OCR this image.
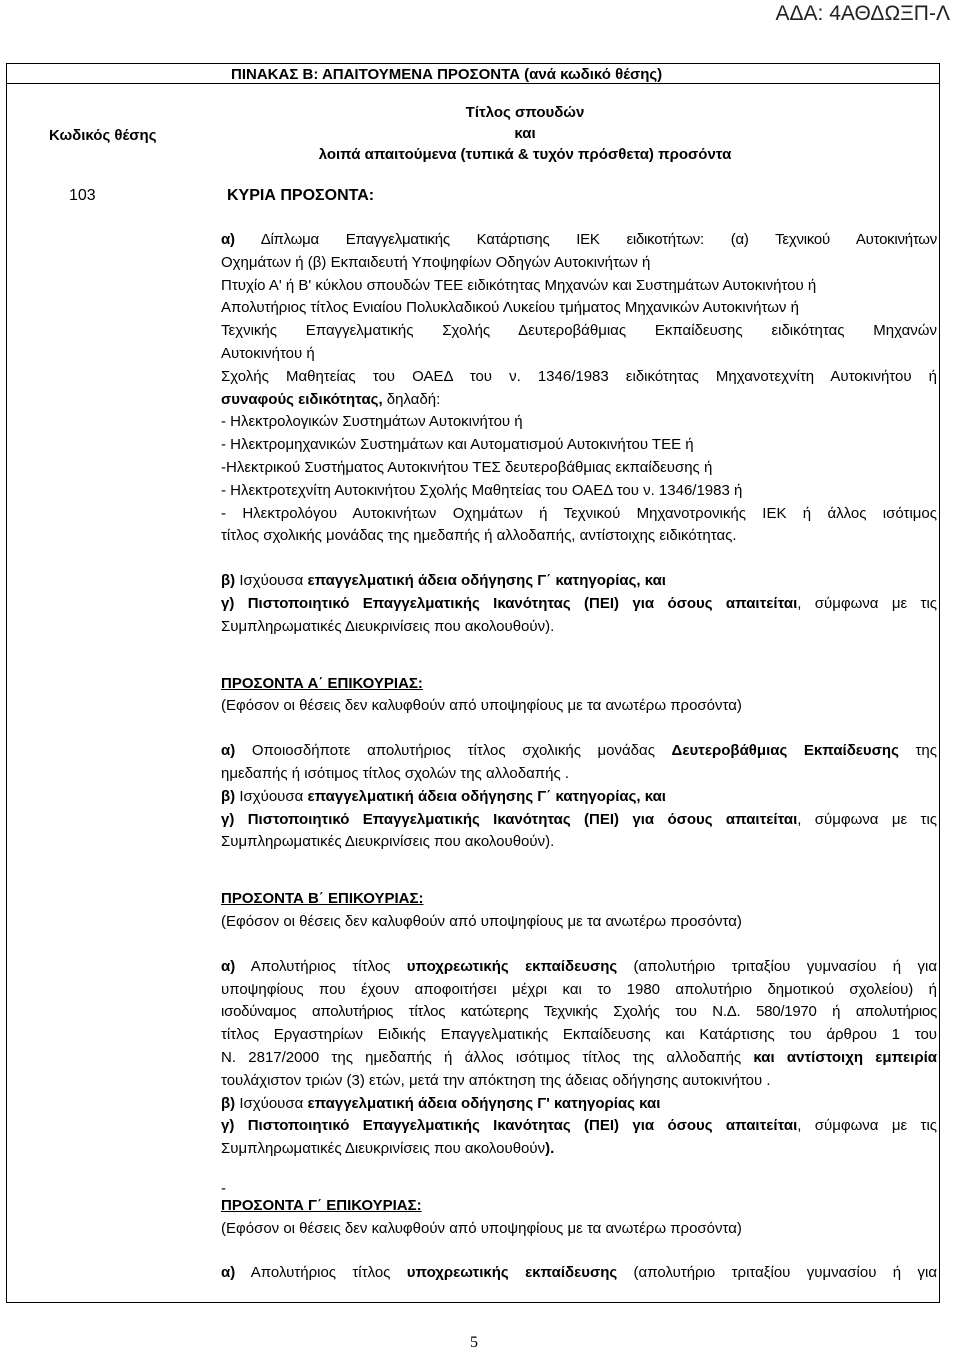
ΑΔΑ: 4ΑΘΔΩΞΠ-Λ
ΠΙΝΑΚΑΣ Β: ΑΠΑΙΤΟΥΜΕΝΑ ΠΡΟΣΟΝΤΑ (ανά κωδικό θέσης)
Κωδικός θέσης
Τίτλος σπουδών
και
λοιπά απαιτούμενα (τυπικά & τυχόν πρόσθετα) προσόντα
103	ΚΥΡΙΑ ΠΡΟΣΟΝΤΑ:

α) Δίπλωμα Επαγγελματικής Κατάρτισης ΙΕΚ ειδικοτήτων: (α) Τεχνικού Αυτοκινήτων

Οχημάτων ή (β) Εκπαιδευτή Υποψηφίων Οδηγών Αυτοκινήτων ή

Πτυχίο Α' ή Β' κύκλου σπουδών ΤΕΕ ειδικότητας Μηχανών και Συστημάτων Αυτοκινήτου ή

Απολυτήριος τίτλος Ενιαίου Πολυκλαδικού Λυκείου τμήματος Μηχανικών Αυτοκινήτων ή

Τεχνικής Επαγγελματικής Σχολής Δευτεροβάθμιας Εκπαίδευσης ειδικότητας Μηχανών

Αυτοκινήτου ή

Σχολής Μαθητείας του ΟΑΕΔ του ν. 1346/1983 ειδικότητας Μηχανοτεχνίτη Αυτοκινήτου ή

συναφούς ειδικότητας, δηλαδή:

- Ηλεκτρολογικών Συστημάτων Αυτοκινήτου ή

- Ηλεκτρομηχανικών Συστημάτων και Αυτοματισμού Αυτοκινήτου ΤΕΕ ή

-Ηλεκτρικού Συστήματος Αυτοκινήτου ΤΕΣ δευτεροβάθμιας εκπαίδευσης ή

- Ηλεκτροτεχνίτη Αυτοκινήτου Σχολής Μαθητείας του ΟΑΕΔ του ν. 1346/1983 ή

- Ηλεκτρολόγου Αυτοκινήτων Οχημάτων ή Τεχνικού Μηχανοτρονικής ΙΕΚ ή άλλος ισότιμος

τίτλος σχολικής μονάδας της ημεδαπής ή αλλοδαπής, αντίστοιχης ειδικότητας.

β) Ισχύουσα επαγγελματική άδεια οδήγησης Γ΄ κατηγορίας, και

γ) Πιστοποιητικό Επαγγελματικής Ικανότητας (ΠΕΙ) για όσους απαιτείται, σύμφωνα με τις

Συμπληρωματικές Διευκρινίσεις που ακολουθούν).

ΠΡΟΣΟΝΤΑ Α΄ ΕΠΙΚΟΥΡΙΑΣ:

(Εφόσον οι θέσεις δεν καλυφθούν από υποψηφίους με τα ανωτέρω προσόντα)

α) Οποιοσδήποτε απολυτήριος τίτλος σχολικής μονάδας Δευτεροβάθμιας Εκπαίδευσης της

ημεδαπής ή ισότιμος τίτλος σχολών της αλλοδαπής .

β) Ισχύουσα επαγγελματική άδεια οδήγησης Γ΄ κατηγορίας, και

γ) Πιστοποιητικό Επαγγελματικής Ικανότητας (ΠΕΙ) για όσους απαιτείται, σύμφωνα με τις

Συμπληρωματικές Διευκρινίσεις που ακολουθούν).

ΠΡΟΣΟΝΤΑ Β΄ ΕΠΙΚΟΥΡΙΑΣ:

(Εφόσον οι θέσεις δεν καλυφθούν από υποψηφίους με τα ανωτέρω προσόντα)

α) Απολυτήριος τίτλος υποχρεωτικής εκπαίδευσης (απολυτήριο τριταξίου γυμνασίου ή για

υποψηφίους που έχουν αποφοιτήσει μέχρι και το 1980 απολυτήριο δημοτικού σχολείου) ή

ισοδύναμος απολυτήριος τίτλος κατώτερης Τεχνικής Σχολής του Ν.Δ. 580/1970 ή απολυτήριος

τίτλος Εργαστηρίων Ειδικής Επαγγελματικής Εκπαίδευσης και Κατάρτισης του άρθρου 1 του

Ν. 2817/2000 της ημεδαπής ή άλλος ισότιμος τίτλος της αλλοδαπής και αντίστοιχη εμπειρία

τουλάχιστον τριών (3) ετών, μετά την απόκτηση της άδειας οδήγησης αυτοκινήτου .

β) Ισχύουσα επαγγελματική άδεια οδήγησης Γ' κατηγορίας και

γ) Πιστοποιητικό Επαγγελματικής Ικανότητας (ΠΕΙ) για όσους απαιτείται, σύμφωνα με τις

Συμπληρωματικές Διευκρινίσεις που ακολουθούν).

-

ΠΡΟΣΟΝΤΑ Γ΄ ΕΠΙΚΟΥΡΙΑΣ:

(Εφόσον οι θέσεις δεν καλυφθούν από υποψηφίους με τα ανωτέρω προσόντα)

α) Απολυτήριος τίτλος υποχρεωτικής εκπαίδευσης (απολυτήριο τριταξίου γυμνασίου ή για

5
